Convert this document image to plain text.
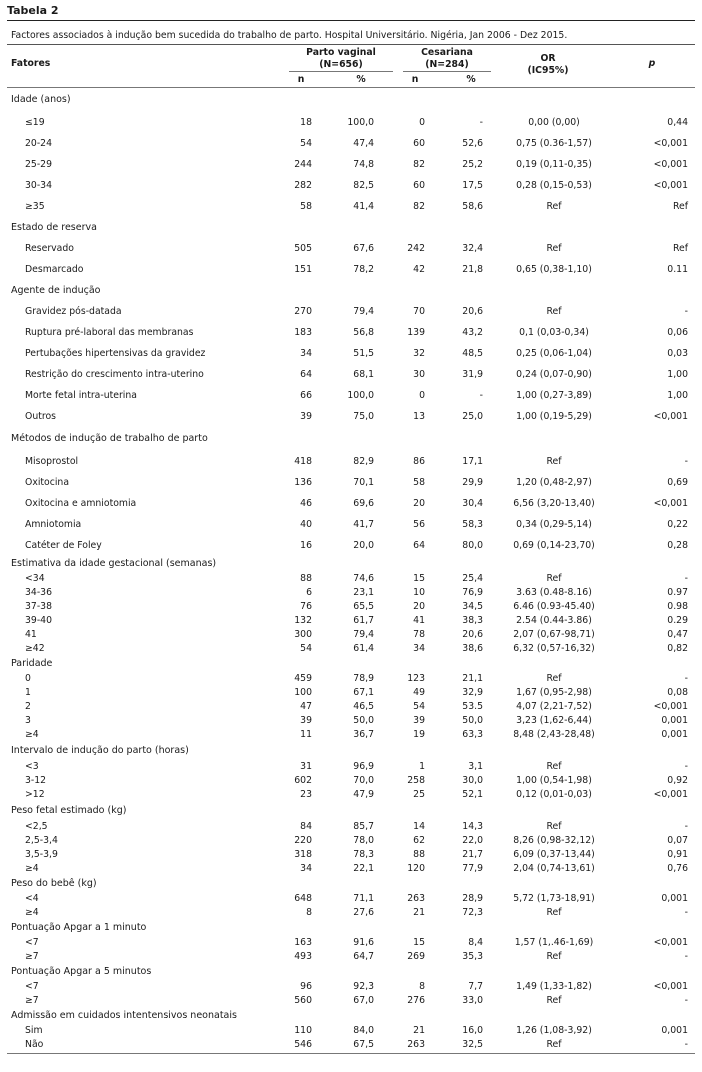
Tabela 2
Factores associados à indução bem sucedida do trabalho de parto. Hospital Universitário. Nigéria, Jan 2006 - Dez 2015.
Fatores
Parto vaginal
(N=656)
Cesariana
(N=284)
OR
(IC95%)
p
n	%	n	%
Idade (anos)
≤19	18	100,0	0	-	0,00 (0,00)	0,44
20-24	54	47,4	60	52,6	0,75 (0.36-1,57)	<0,001
25-29	244	74,8	82	25,2	0,19 (0,11-0,35)	<0,001
30-34	282	82,5	60	17,5	0,28 (0,15-0,53)	<0,001
≥35	58	41,4	82	58,6	Ref	Ref
Estado de reserva
Reservado	505	67,6	242	32,4	Ref	Ref
Desmarcado	151	78,2	42	21,8	0,65 (0,38-1,10)	0.11
Agente de indução
Gravidez pós-datada	270	79,4	70	20,6	Ref	-
Ruptura pré-laboral das membranas	183	56,8	139	43,2	0,1 (0,03-0,34)	0,06
Pertubações hipertensivas da gravidez	34	51,5	32	48,5	0,25 (0,06-1,04)	0,03
Restrição do crescimento intra-uterino	64	68,1	30	31,9	0,24 (0,07-0,90)	1,00
Morte fetal intra-uterina	66	100,0	0	-	1,00 (0,27-3,89)	1,00
Outros	39	75,0	13	25,0	1,00 (0,19-5,29)	<0,001
Métodos de indução de trabalho de parto
Misoprostol	418	82,9	86	17,1	Ref	-
Oxitocina	136	70,1	58	29,9	1,20 (0,48-2,97)	0,69
Oxitocina e amniotomia	46	69,6	20	30,4	6,56 (3,20-13,40)	<0,001
Amniotomia	40	41,7	56	58,3	0,34 (0,29-5,14)	0,22
Catéter de Foley	16	20,0	64	80,0	0,69 (0,14-23,70)	0,28
Estimativa da idade gestacional (semanas)
<34	88	74,6	15	25,4	Ref	-
34-36	6	23,1	10	76,9	3.63 (0.48-8.16)	0.97
37-38	76	65,5	20	34,5	6.46 (0.93-45.40)	0.98
39-40	132	61,7	41	38,3	2.54 (0.44-3.86)	0.29
41	300	79,4	78	20,6	2,07 (0,67-98,71)	0,47
≥42	54	61,4	34	38,6	6,32 (0,57-16,32)	0,82
Paridade
0	459	78,9	123	21,1	Ref	-
1	100	67,1	49	32,9	1,67 (0,95-2,98)	0,08
2	47	46,5	54	53.5	4,07 (2,21-7,52)	<0,001
3	39	50,0	39	50,0	3,23 (1,62-6,44)	0,001
≥4	11	36,7	19	63,3	8,48 (2,43-28,48)	0,001
Intervalo de indução do parto (horas)
<3	31	96,9	1	3,1	Ref	-
3-12	602	70,0	258	30,0	1,00 (0,54-1,98)	0,92
>12	23	47,9	25	52,1	0,12 (0,01-0,03)	<0,001
Peso fetal estimado (kg)
<2,5	84	85,7	14	14,3	Ref	-
2,5-3,4	220	78,0	62	22,0	8,26 (0,98-32,12)	0,07
3,5-3,9	318	78,3	88	21,7	6,09 (0,37-13,44)	0,91
≥4	34	22,1	120	77,9	2,04 (0,74-13,61)	0,76
Peso do bebê (kg)
<4	648	71,1	263	28,9	5,72 (1,73-18,91)	0,001
≥4	8	27,6	21	72,3	Ref	-
Pontuação Apgar a 1 minuto
<7	163	91,6	15	8,4	1,57 (1,.46-1,69)	<0,001
≥7	493	64,7	269	35,3	Ref	-
Pontuação Apgar a 5 minutos
<7	96	92,3	8	7,7	1,49 (1,33-1,82)	<0,001
≥7	560	67,0	276	33,0	Ref	-
Admissão em cuidados intentensivos neonatais
Sim	110	84,0	21	16,0	1,26 (1,08-3,92)	0,001
Não	546	67,5	263	32,5	Ref	-
